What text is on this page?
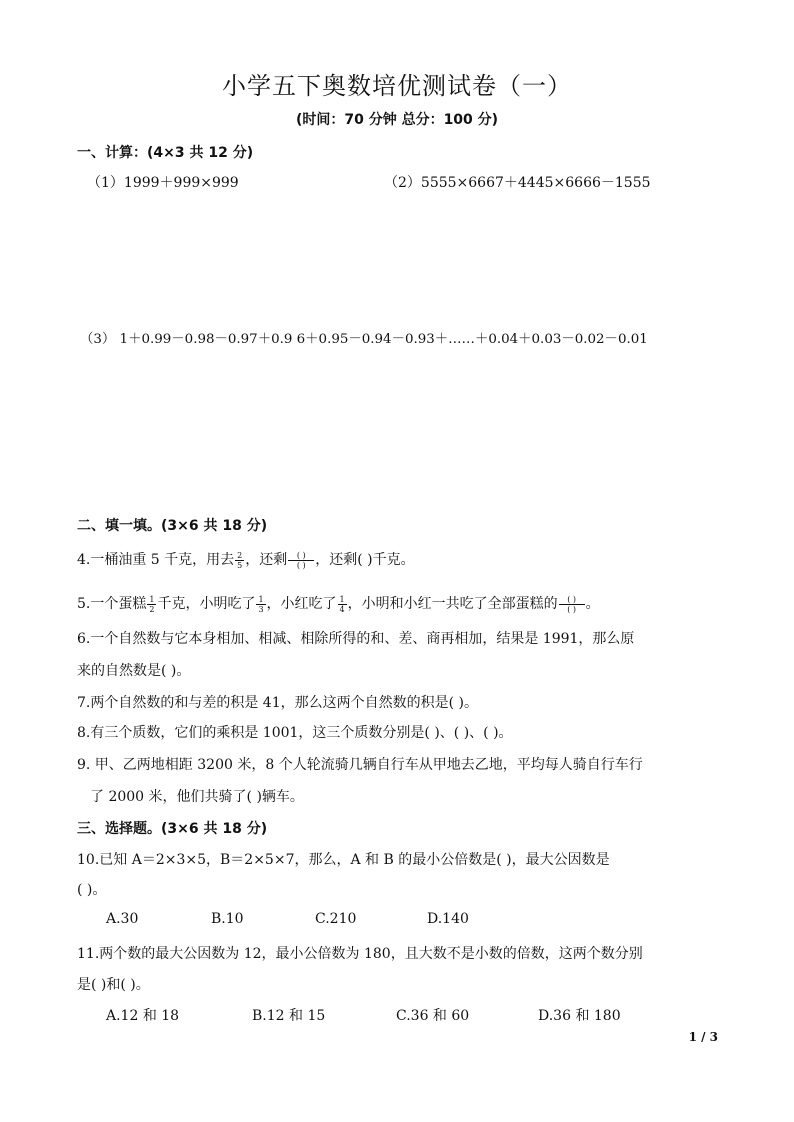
小学五下奥数培优测试卷（一）
(时间：70 分钟 总分：100 分)
一、计算：(4×3 共 12 分)
（1）1999＋999×999	（2）5555×6667＋4445×6666－1555
（3） 1＋0.99－0.98－0.97＋0.9 6＋0.95－0.94－0.93＋……＋0.04＋0.03－0.02－0.01
二、填一填。(3×6 共 18 分)
4.一桶油重 5 千克，用去 $\frac{2}{5}$ ，还剩 $\frac{( )}{( )}$ ，还剩( )千克。
5.一个蛋糕 $\frac{1}{2}$ 千克，小明吃了 $\frac{1}{3}$ ，小红吃了 $\frac{1}{4}$ ，小明和小红一共吃了全部蛋糕的 $\frac{( )}{( )}$ 。
6.一个自然数与它本身相加、相减、相除所得的和、差、商再相加，结果是 1991，那么原
来的自然数是( )。
7.两个自然数的和与差的积是 41，那么这两个自然数的积是( )。
8.有三个质数，它们的乘积是 1001，这三个质数分别是( )、( )、( )。
9. 甲、乙两地相距 3200 米，8 个人轮流骑几辆自行车从甲地去乙地，平均每人骑自行车行
了 2000 米，他们共骑了( )辆车。
三、选择题。(3×6 共 18 分)
10.已知 A＝2×3×5，B＝2×5×7，那么，A 和 B 的最小公倍数是( )，最大公因数是
( )。
A.30	B.10	C.210	D.140
11.两个数的最大公因数为 12，最小公倍数为 180，且大数不是小数的倍数，这两个数分别
是( )和( )。
A.12 和 18	B.12 和 15	C.36 和 60	D.36 和 180
1 / 3
